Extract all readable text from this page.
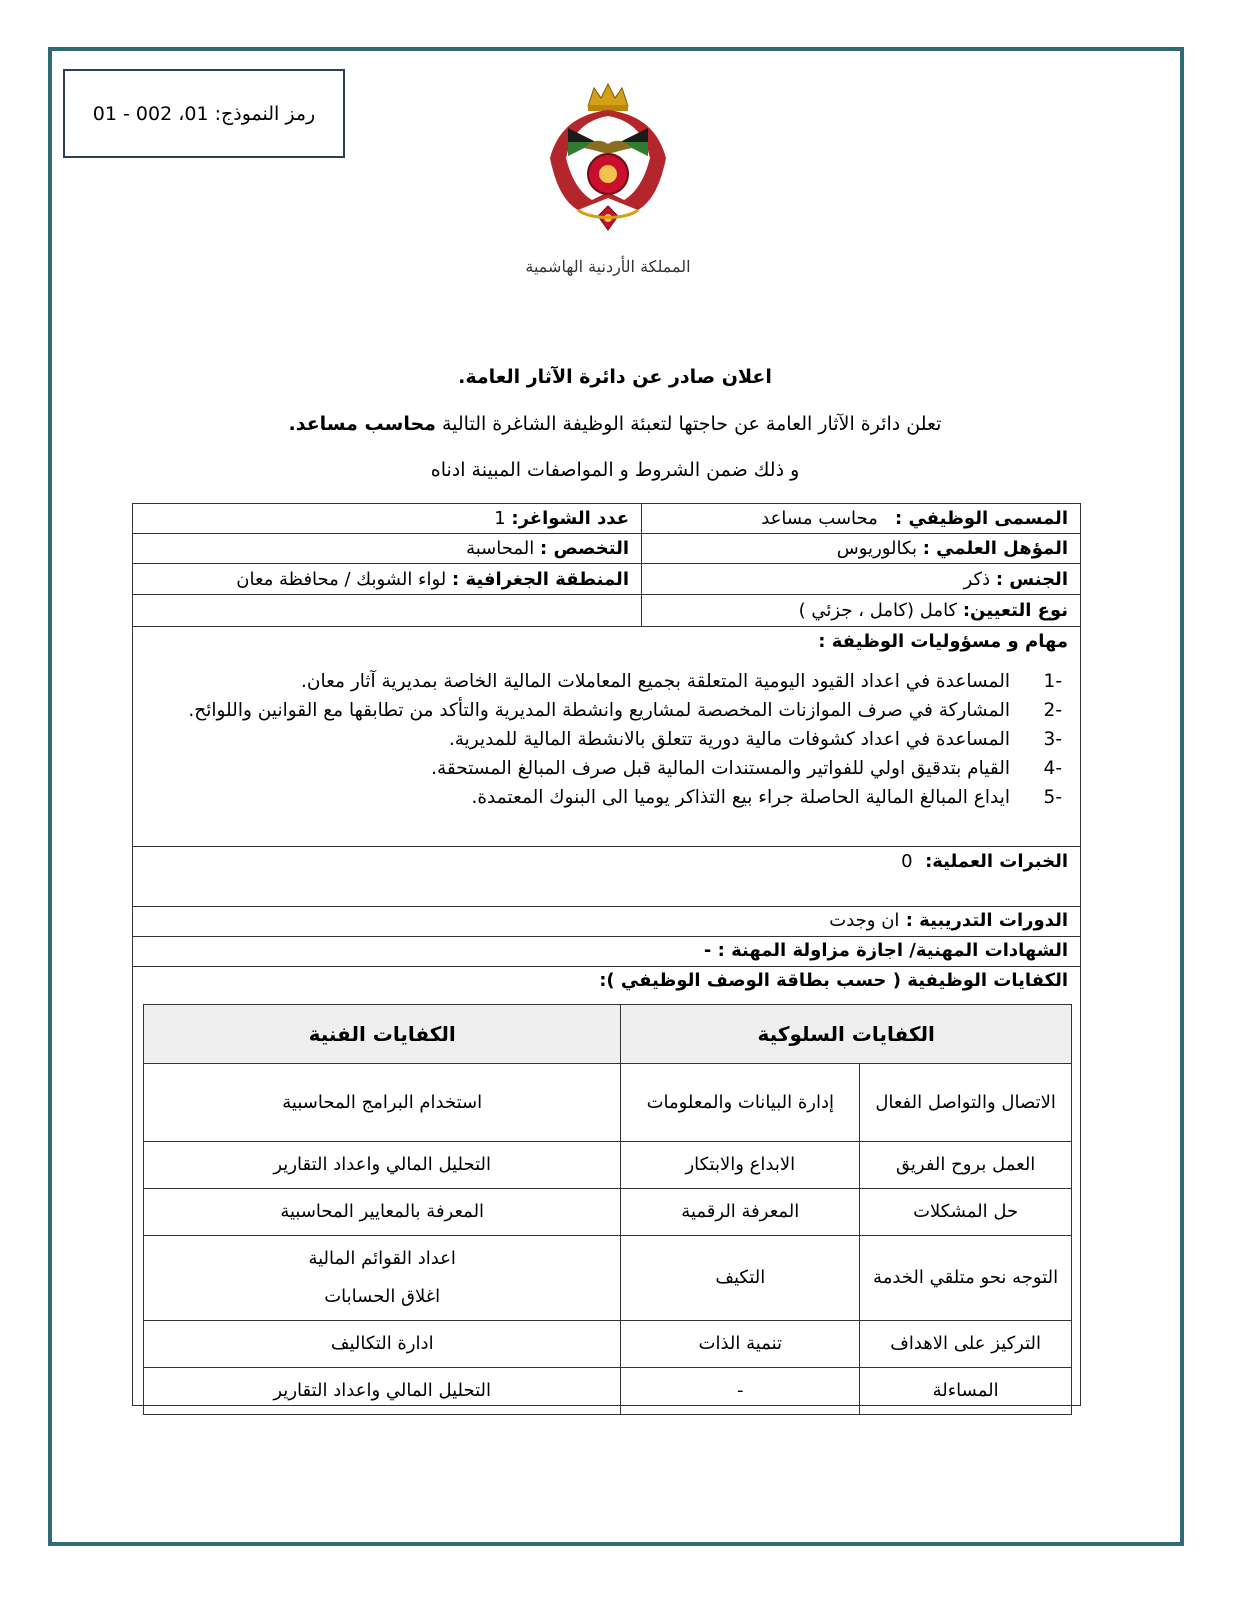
رمز النموذج: 01، 002 - 01
المملكة الأردنية الهاشمية
اعلان صادر عن دائرة الآثار العامة.
تعلن دائرة الآثار العامة عن حاجتها لتعبئة الوظيفة الشاغرة التالية محاسب مساعد.
و ذلك ضمن الشروط و المواصفات المبينة ادناه
المسمى الوظيفي :

محاسب مساعد
عدد الشواغر:

1
المؤهل العلمي :

بكالوريوس
التخصص :

المحاسبة
الجنس :

ذكر
المنطقة الجغرافية :

لواء الشوبك / محافظة معان
نوع التعيين:

كامل (كامل ، جزئي )
مهام و مسؤوليات الوظيفة :
-1
المساعدة في اعداد القيود اليومية المتعلقة بجميع المعاملات المالية الخاصة بمديرية آثار معان.
-2
المشاركة في صرف الموازنات المخصصة لمشاريع وانشطة المديرية والتأكد من تطابقها مع القوانين واللوائح.
-3
المساعدة في اعداد كشوفات مالية دورية تتعلق بالانشطة المالية للمديرية.
-4
القيام بتدقيق اولي للفواتير والمستندات المالية قبل صرف المبالغ المستحقة.
-5
ايداع المبالغ المالية الحاصلة جراء بيع التذاكر يوميا الى البنوك المعتمدة.
الخبرات العملية:  0
الدورات التدريبية : ان وجدت
الشهادات المهنية/ اجازة مزاولة المهنة : -
الكفايات الوظيفية ( حسب بطاقة الوصف الوظيفي ):
الكفايات السلوكية		الكفايات الفنية
الاتصال والتواصل الفعال	إدارة البيانات والمعلومات	استخدام البرامج المحاسبية
العمل بروح الفريق	الابداع والابتكار	التحليل المالي واعداد التقارير
حل المشكلات	المعرفة الرقمية	المعرفة بالمعايير المحاسبية
التوجه نحو متلقي الخدمة	التكيف	اعداد القوائم المالية
اغلاق الحسابات

التركيز على الاهداف	تنمية الذات	ادارة التكاليف
المساءلة	-	التحليل المالي واعداد التقارير
